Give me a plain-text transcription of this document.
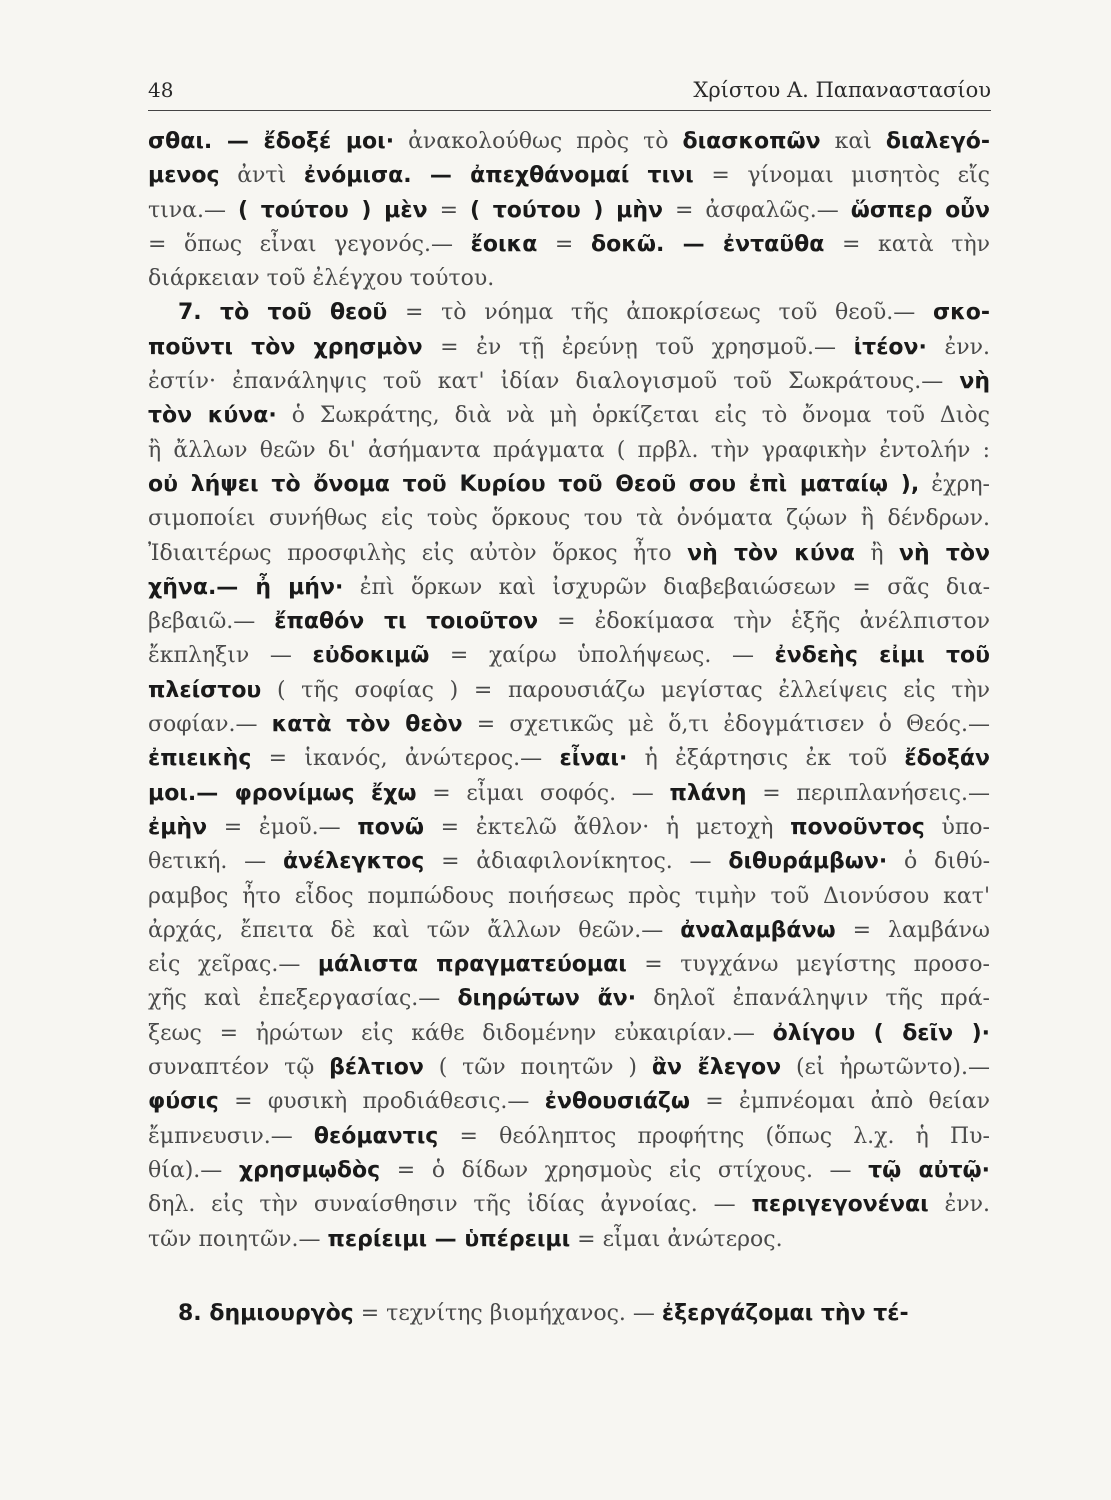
48	Χρίστου Α. Παπαναστασίου
σθαι. — ἔδοξέ μοι· ἀνακολούθως πρὸς τὸ διασκοπῶν καὶ διαλεγό-
μενος ἀντὶ ἐνόμισα. — ἀπεχθάνομαί τινι = γίνομαι μισητὸς εἴς
τινα.— ( τούτου ) μὲν = ( τούτου ) μὴν = ἀσφαλῶς.— ὥσπερ οὖν
= ὅπως εἶναι γεγονός.— ἔοικα = δοκῶ. — ἐνταῦθα = κατὰ τὴν
διάρκειαν τοῦ ἐλέγχου τούτου.
7. τὸ τοῦ θεοῦ = τὸ νόημα τῆς ἀποκρίσεως τοῦ θεοῦ.— σκο-
ποῦντι τὸν χρησμὸν = ἐν τῇ ἐρεύνῃ τοῦ χρησμοῦ.— ἰτέον· ἐνν.
ἐστίν· ἐπανάληψις τοῦ κατ' ἰδίαν διαλογισμοῦ τοῦ Σωκράτους.— νὴ
τὸν κύνα· ὁ Σωκράτης, διὰ νὰ μὴ ὁρκίζεται εἰς τὸ ὄνομα τοῦ Διὸς
ἢ ἄλλων θεῶν δι' ἀσήμαντα πράγματα ( πρβλ. τὴν γραφικὴν ἐντολήν :
οὐ λήψει τὸ ὄνομα τοῦ Κυρίου τοῦ Θεοῦ σου ἐπὶ ματαίῳ ), ἐχρη-
σιμοποίει συνήθως εἰς τοὺς ὅρκους του τὰ ὀνόματα ζῴων ἢ δένδρων.
Ἰδιαιτέρως προσφιλὴς εἰς αὐτὸν ὅρκος ἦτο νὴ τὸν κύνα ἢ νὴ τὸν
χῆνα.— ἦ μήν· ἐπὶ ὅρκων καὶ ἰσχυρῶν διαβεβαιώσεων = σᾶς δια-
βεβαιῶ.— ἔπαθόν τι τοιοῦτον = ἐδοκίμασα τὴν ἑξῆς ἀνέλπιστον
ἔκπληξιν — εὐδοκιμῶ = χαίρω ὑπολήψεως. — ἐνδεὴς εἰμι τοῦ
πλείστου ( τῆς σοφίας ) = παρουσιάζω μεγίστας ἐλλείψεις εἰς τὴν
σοφίαν.— κατὰ τὸν θεὸν = σχετικῶς μὲ ὅ,τι ἐδογμάτισεν ὁ Θεός.—
ἐπιεικὴς = ἱκανός, ἀνώτερος.— εἶναι· ἡ ἐξάρτησις ἐκ τοῦ ἔδοξάν
μοι.— φρονίμως ἔχω = εἶμαι σοφός. — πλάνη = περιπλανήσεις.—
ἐμὴν = ἐμοῦ.— πονῶ = ἐκτελῶ ἄθλον· ἡ μετοχὴ πονοῦντος ὑπο-
θετική. — ἀνέλεγκτος = ἀδιαφιλονίκητος. — διθυράμβων· ὁ διθύ-
ραμβος ἦτο εἶδος πομπώδους ποιήσεως πρὸς τιμὴν τοῦ Διονύσου κατ'
ἀρχάς, ἔπειτα δὲ καὶ τῶν ἄλλων θεῶν.— ἀναλαμβάνω = λαμβάνω
εἰς χεῖρας.— μάλιστα πραγματεύομαι = τυγχάνω μεγίστης προσο-
χῆς καὶ ἐπεξεργασίας.— διηρώτων ἄν· δηλοῖ ἐπανάληψιν τῆς πρά-
ξεως = ἠρώτων εἰς κάθε διδομένην εὐκαιρίαν.— ὀλίγου ( δεῖν )·
συναπτέον τῷ βέλτιον ( τῶν ποιητῶν ) ἂν ἔλεγον (εἰ ἠρωτῶντο).—
φύσις = φυσικὴ προδιάθεσις.— ἐνθουσιάζω = ἐμπνέομαι ἀπὸ θείαν
ἔμπνευσιν.— θεόμαντις = θεόληπτος προφήτης (ὅπως λ.χ. ἡ Πυ-
θία).— χρησμῳδὸς = ὁ δίδων χρησμοὺς εἰς στίχους. — τῷ αὐτῷ·
δηλ. εἰς τὴν συναίσθησιν τῆς ἰδίας ἀγνοίας. — περιγεγονέναι ἐνν.
τῶν ποιητῶν.— περίειμι — ὑπέρειμι = εἶμαι ἀνώτερος.
8. δημιουργὸς = τεχνίτης βιομήχανος. — ἐξεργάζομαι τὴν τέ-
